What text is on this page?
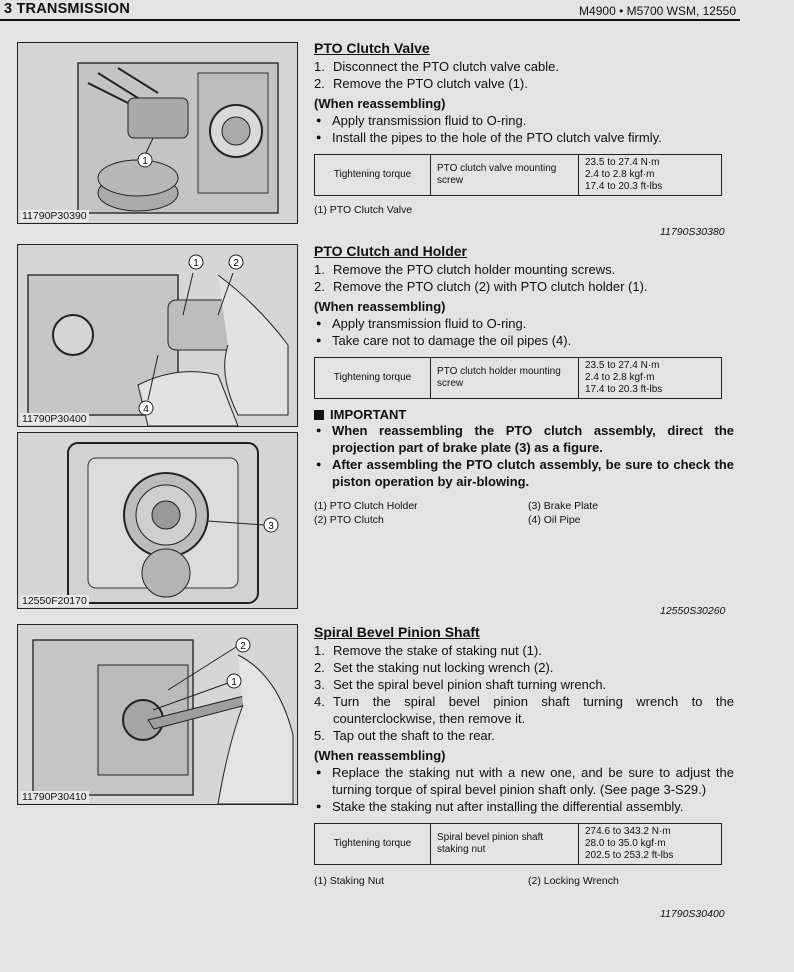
3 TRANSMISSION	M4900 • M5700 WSM, 12550
1
11790P30390
1	2
4
11790P30400
3
12550F20170
2
1
11790P30410
PTO Clutch Valve
1. Disconnect the PTO clutch valve cable.
2. Remove the PTO clutch valve (1).
(When reassembling)
● Apply transmission fluid to O-ring.
● Install the pipes to the hole of the PTO clutch valve firmly.
Tightening torque	PTO clutch valve mounting screw	
23.5 to 27.4 N·m
2.4 to 2.8 kgf·m
17.4 to 20.3 ft-lbs
(1) PTO Clutch Valve
11790S30380
PTO Clutch and Holder
1. Remove the PTO clutch holder mounting screws.
2. Remove the PTO clutch (2) with PTO clutch holder (1).
(When reassembling)
● Apply transmission fluid to O-ring.
● Take care not to damage the oil pipes (4).
Tightening torque	PTO clutch holder mounting screw	
23.5 to 27.4 N·m
2.4 to 2.8 kgf·m
17.4 to 20.3 ft-lbs
IMPORTANT
● When reassembling the PTO clutch assembly, direct the projection part of brake plate (3) as a figure.
● After assembling the PTO clutch assembly, be sure to check the piston operation by air-blowing.
(1) PTO Clutch Holder
(2) PTO Clutch
(3) Brake Plate
(4) Oil Pipe
12550S30260
Spiral Bevel Pinion Shaft
1. Remove the stake of staking nut (1).
2. Set the staking nut locking wrench (2).
3. Set the spiral bevel pinion shaft turning wrench.
4. Turn the spiral bevel pinion shaft turning wrench to the counterclockwise, then remove it.
5. Tap out the shaft to the rear.
(When reassembling)
● Replace the staking nut with a new one, and be sure to adjust the turning torque of spiral bevel pinion shaft only. (See page 3-S29.)
● Stake the staking nut after installing the differential assembly.
Tightening torque	Spiral bevel pinion shaft staking nut	
274.6 to 343.2 N·m
28.0 to 35.0 kgf·m
202.5 to 253.2 ft-lbs
(1) Staking Nut	(2) Locking Wrench
11790S30400
